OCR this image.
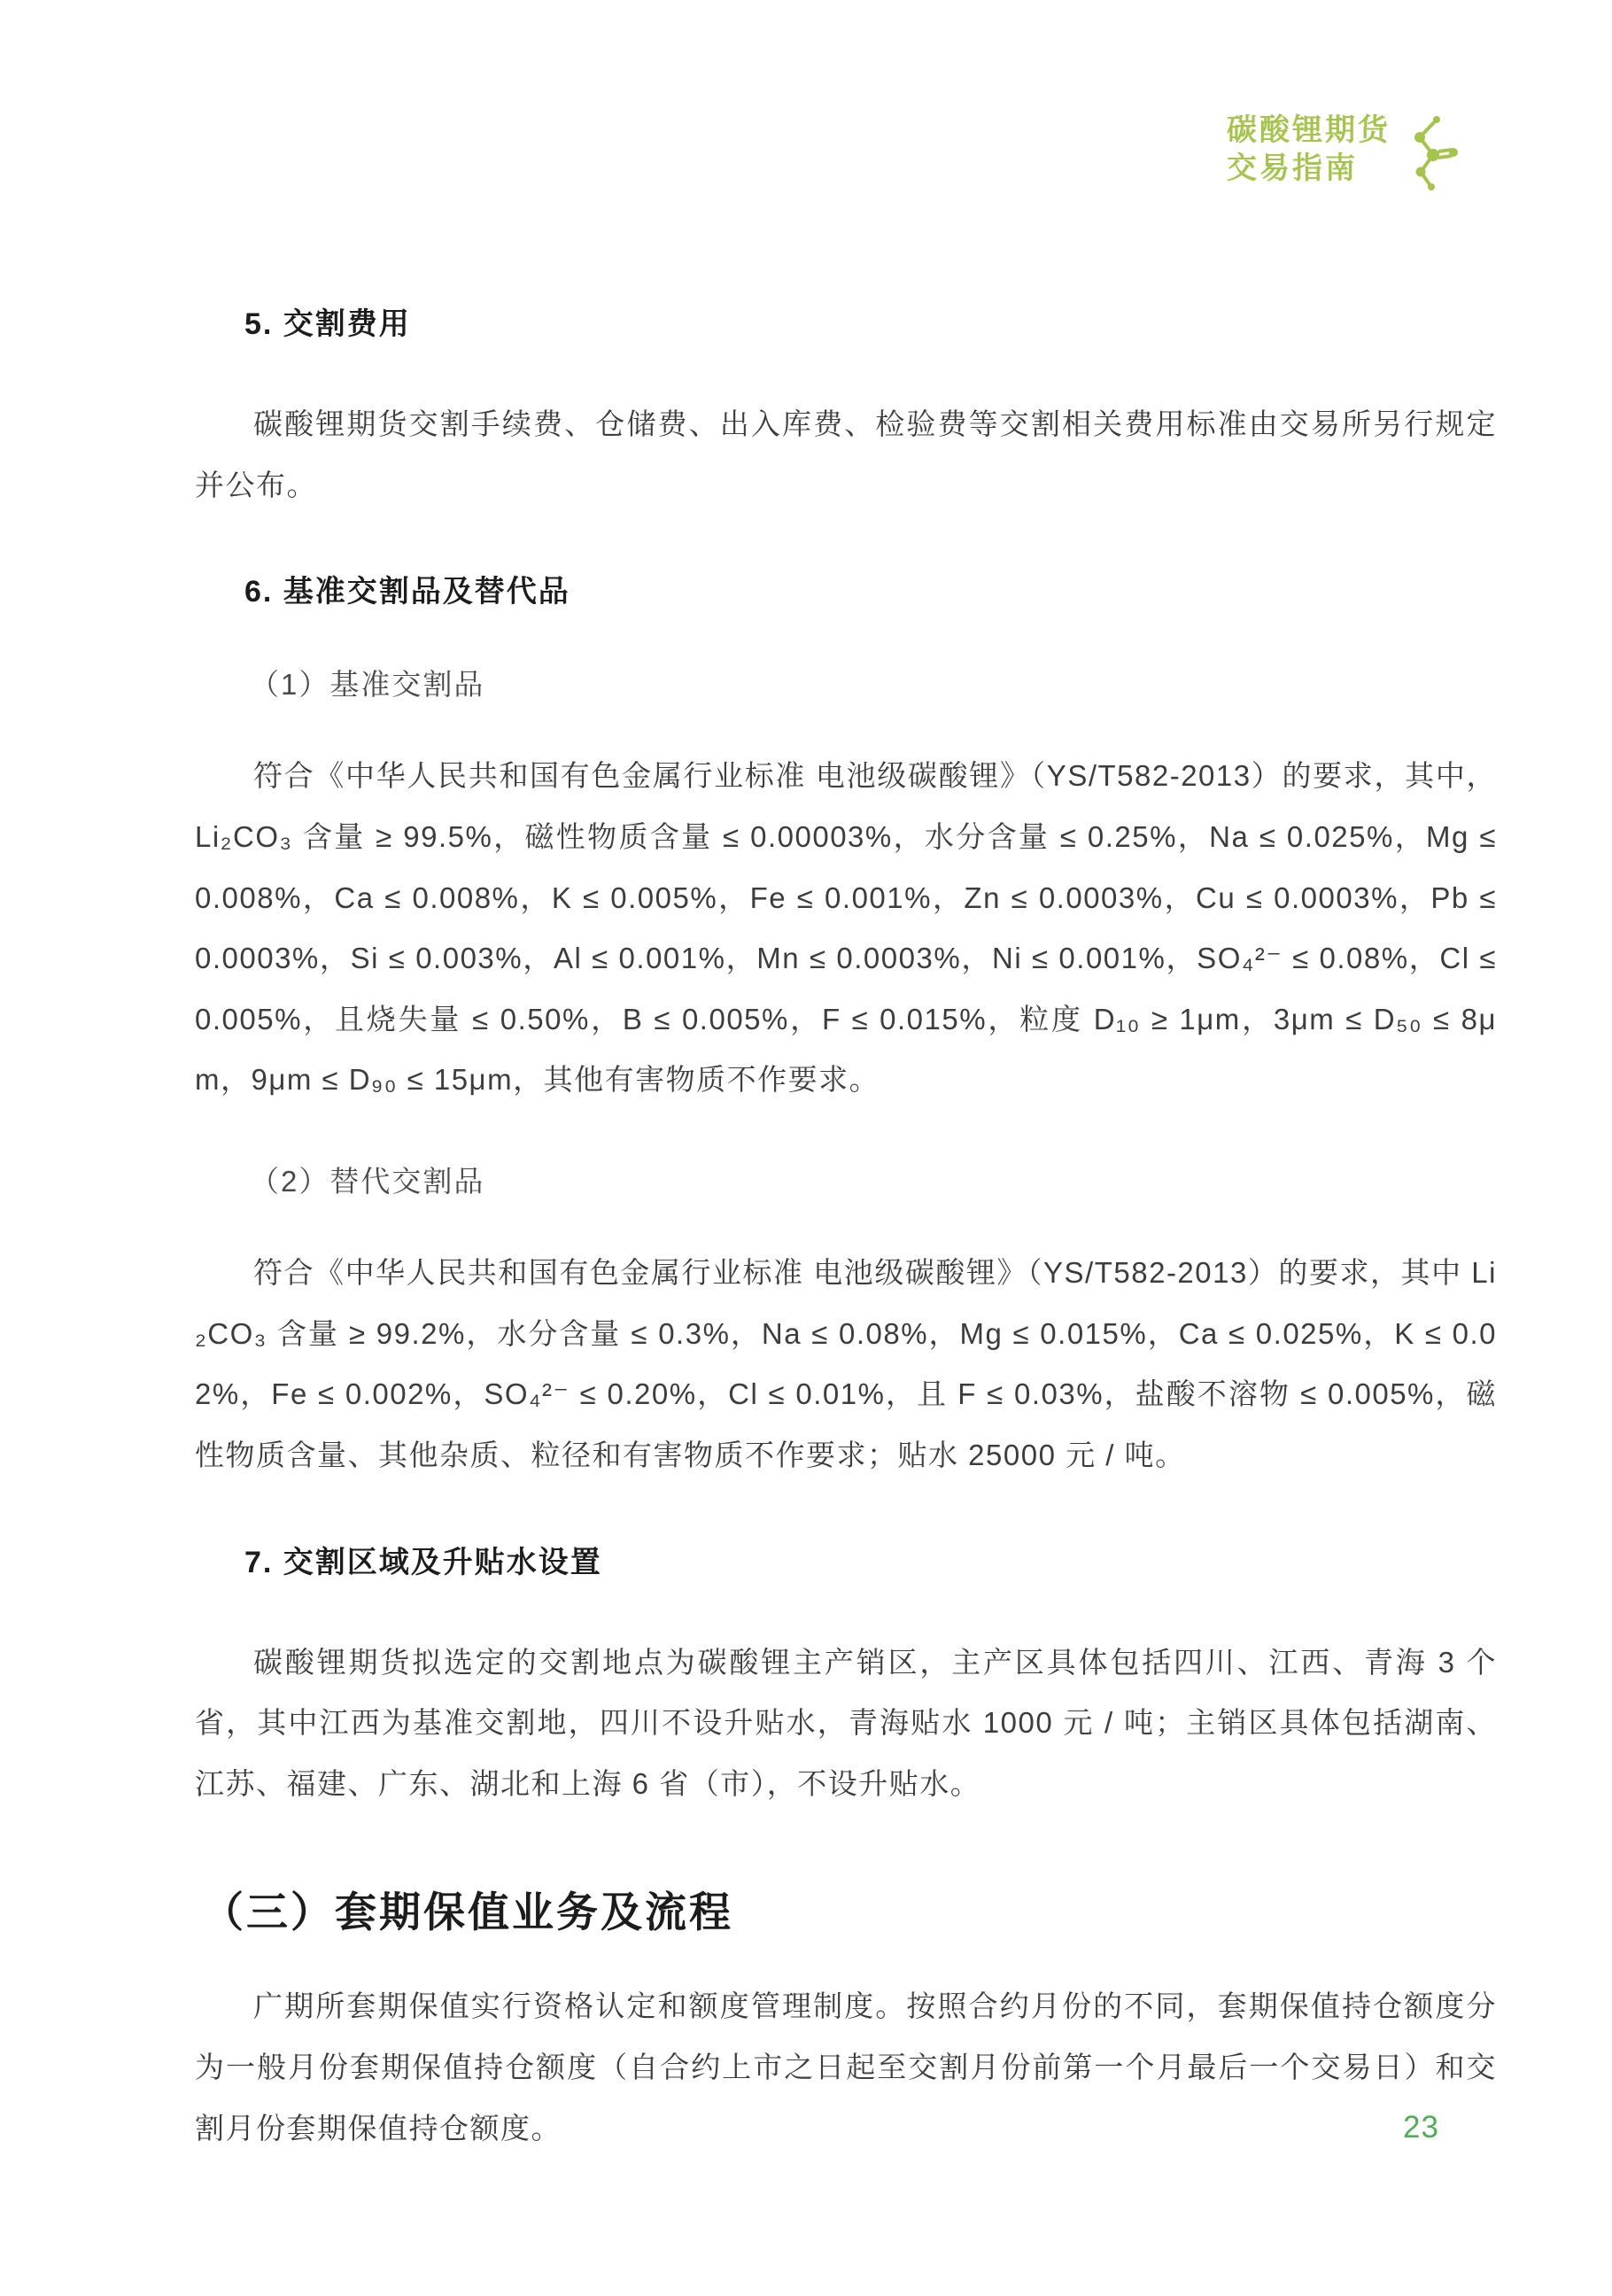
碳酸锂期货
交易指南
5. 交割费用

碳酸锂期货交割手续费、仓储费、出入库费、检验费等交割相关费用标准由交易所另行规定并公布。

6. 基准交割品及替代品
（1）基准交割品

符合《中华人民共和国有色金属行业标准 电池级碳酸锂》（YS/T582-2013）的要求，其中，Li₂CO₃ 含量 ≥ 99.5%，磁性物质含量 ≤ 0.00003%，水分含量 ≤ 0.25%，Na ≤ 0.025%，Mg ≤ 0.008%，Ca ≤ 0.008%，K ≤ 0.005%，Fe ≤ 0.001%，Zn ≤ 0.0003%，Cu ≤ 0.0003%，Pb ≤ 0.0003%，Si ≤ 0.003%，Al ≤ 0.001%，Mn ≤ 0.0003%，Ni ≤ 0.001%，SO₄²⁻ ≤ 0.08%，Cl ≤ 0.005%，且烧失量 ≤ 0.50%，B ≤ 0.005%，F ≤ 0.015%，粒度 D₁₀ ≥ 1μm，3μm ≤ D₅₀ ≤ 8μm，9μm ≤ D₉₀ ≤ 15μm，其他有害物质不作要求。

（2）替代交割品

符合《中华人民共和国有色金属行业标准 电池级碳酸锂》（YS/T582-2013）的要求，其中 Li₂CO₃ 含量 ≥ 99.2%，水分含量 ≤ 0.3%，Na ≤ 0.08%，Mg ≤ 0.015%，Ca ≤ 0.025%，K ≤ 0.02%，Fe ≤ 0.002%，SO₄²⁻ ≤ 0.20%，Cl ≤ 0.01%，且 F ≤ 0.03%，盐酸不溶物 ≤ 0.005%，磁性物质含量、其他杂质、粒径和有害物质不作要求；贴水 25000 元 / 吨。

7. 交割区域及升贴水设置

碳酸锂期货拟选定的交割地点为碳酸锂主产销区，主产区具体包括四川、江西、青海 3 个省，其中江西为基准交割地，四川不设升贴水，青海贴水 1000 元 / 吨；主销区具体包括湖南、江苏、福建、广东、湖北和上海 6 省（市），不设升贴水。

（三）套期保值业务及流程

广期所套期保值实行资格认定和额度管理制度。按照合约月份的不同，套期保值持仓额度分为一般月份套期保值持仓额度（自合约上市之日起至交割月份前第一个月最后一个交易日）和交割月份套期保值持仓额度。	23
